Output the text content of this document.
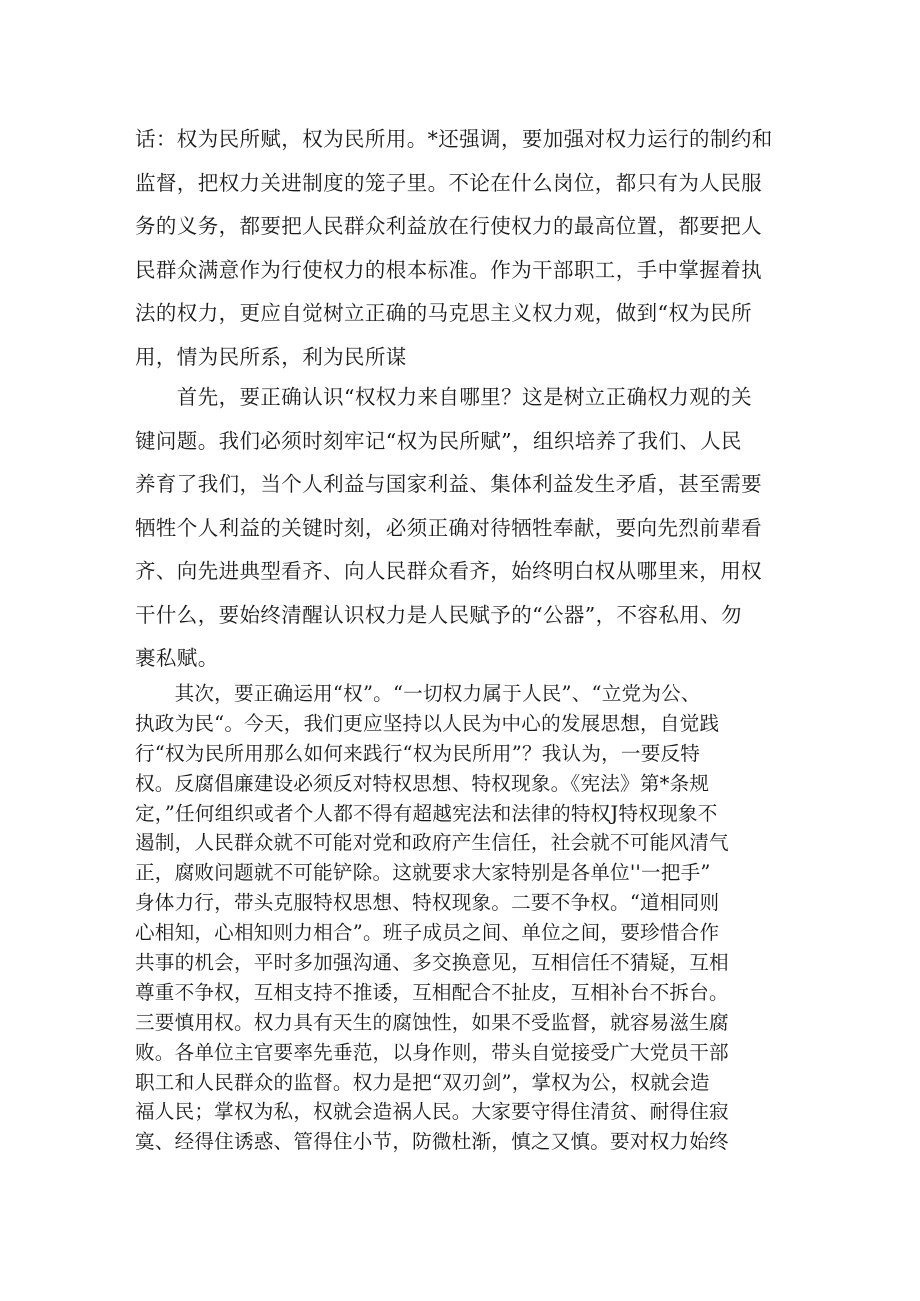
话：权为民所赋，权为民所用。*还强调，要加强对权力运行的制约和
监督，把权力关进制度的笼子里。不论在什么岗位，都只有为人民服
务的义务，都要把人民群众利益放在行使权力的最高位置，都要把人
民群众满意作为行使权力的根本标准。作为干部职工，手中掌握着执
法的权力，更应自觉树立正确的马克思主义权力观，做到“权为民所
用，情为民所系，利为民所谋
　　首先，要正确认识“权权力来自哪里？这是树立正确权力观的关
键问题。我们必须时刻牢记“权为民所赋”，组织培养了我们、人民
养育了我们，当个人利益与国家利益、集体利益发生矛盾，甚至需要
牺牲个人利益的关键时刻，必须正确对待牺牲奉献，要向先烈前辈看
齐、向先进典型看齐、向人民群众看齐，始终明白权从哪里来，用权
干什么，要始终清醒认识权力是人民赋予的“公器”，不容私用、勿
裹私赋。
　　其次，要正确运用“权”。“一切权力属于人民”、“立党为公、
执政为民“。今天，我们更应坚持以人民为中心的发展思想，自觉践
行“权为民所用那么如何来践行“权为民所用”？我认为，一要反特
权。反腐倡廉建设必须反对特权思想、特权现象。《宪法》第*条规
定，”任何组织或者个人都不得有超越宪法和法律的特权J特权现象不
遏制，人民群众就不可能对党和政府产生信任，社会就不可能风清气
正，腐败问题就不可能铲除。这就要求大家特别是各单位''一把手”
身体力行，带头克服特权思想、特权现象。二要不争权。“道相同则
心相知，心相知则力相合”。班子成员之间、单位之间，要珍惜合作
共事的机会，平时多加强沟通、多交换意见，互相信任不猜疑，互相
尊重不争权，互相支持不推诿，互相配合不扯皮，互相补台不拆台。
三要慎用权。权力具有天生的腐蚀性，如果不受监督，就容易滋生腐
败。各单位主官要率先垂范，以身作则，带头自觉接受广大党员干部
职工和人民群众的监督。权力是把“双刃剑”，掌权为公，权就会造
福人民；掌权为私，权就会造祸人民。大家要守得住清贫、耐得住寂
寞、经得住诱惑、管得住小节，防微杜渐，慎之又慎。要对权力始终
